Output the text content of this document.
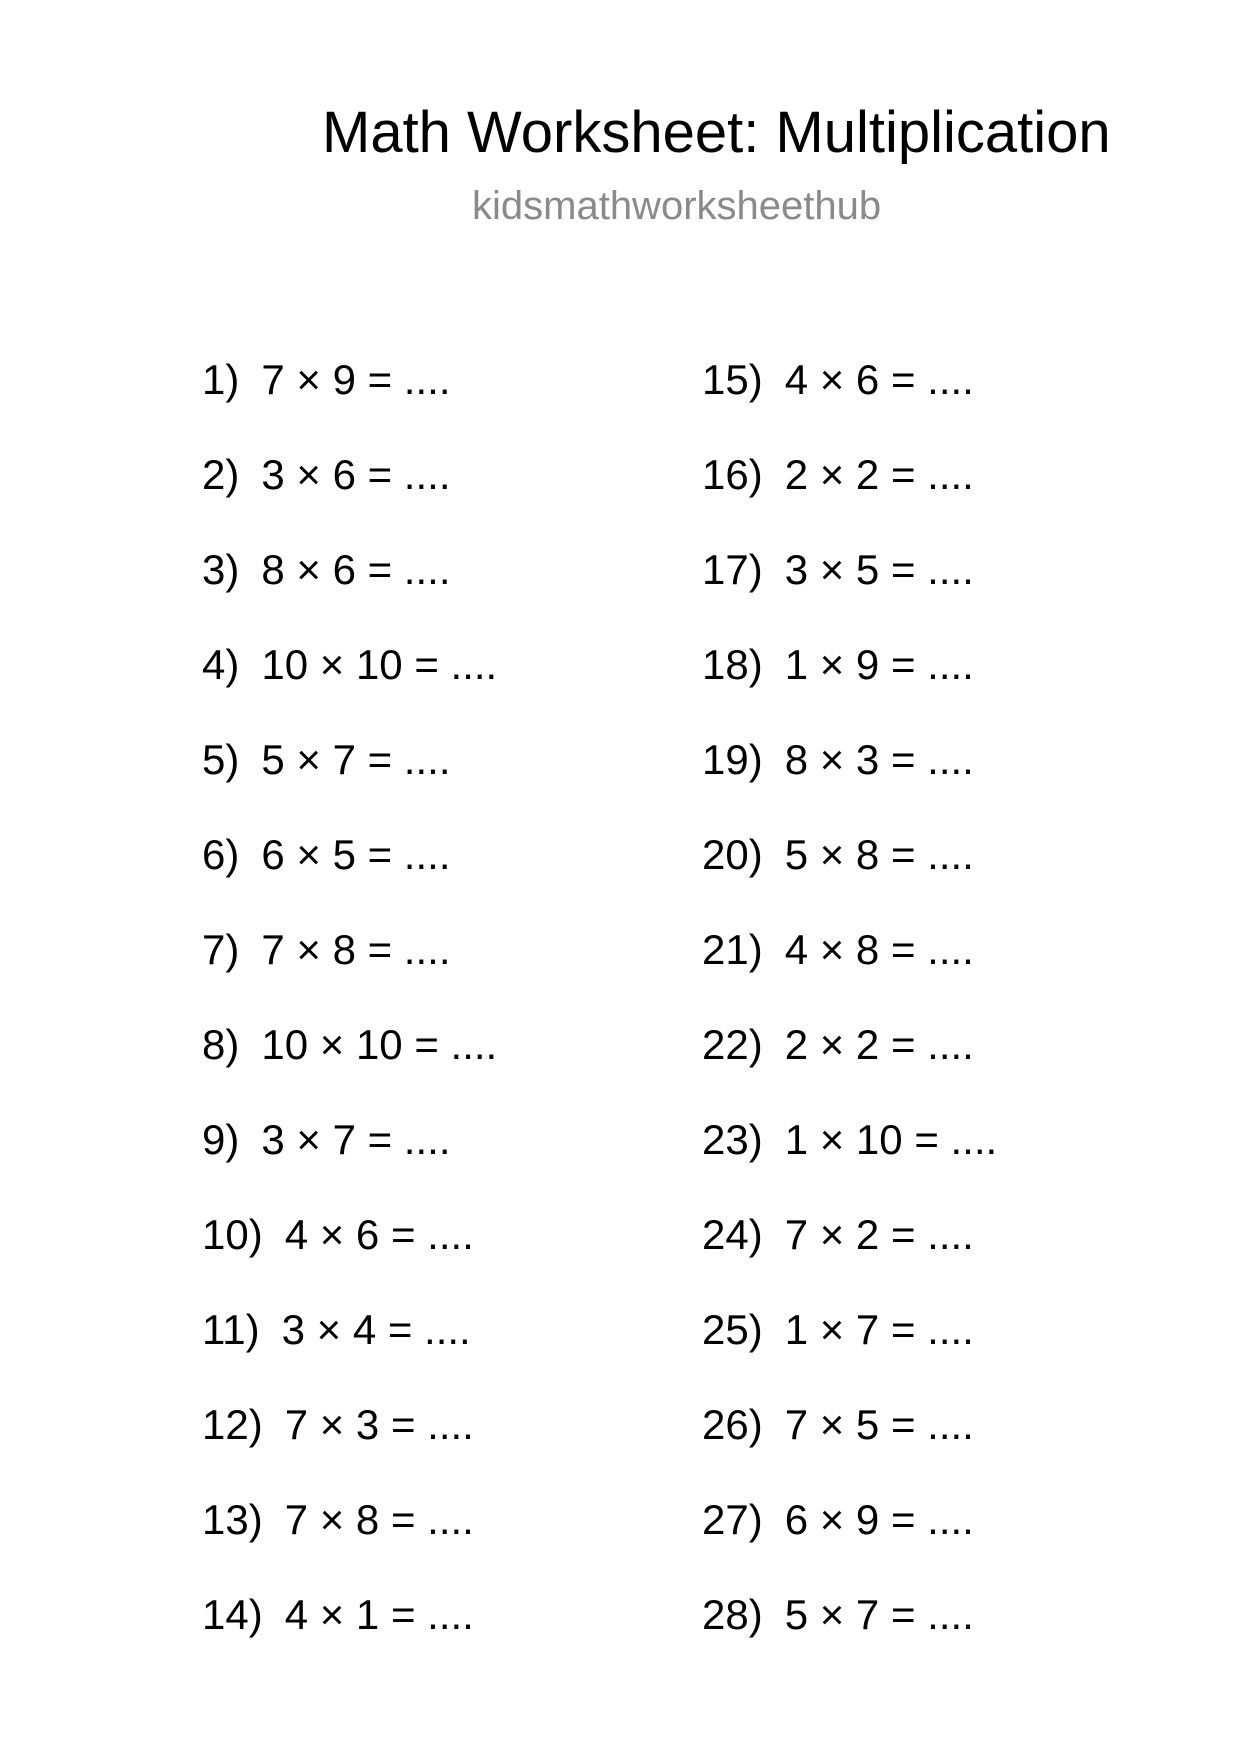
Math Worksheet: Multiplication
kidsmathworksheethub
1) 7 × 9 = ....
2) 3 × 6 = ....
3) 8 × 6 = ....
4) 10 × 10 = ....
5) 5 × 7 = ....
6) 6 × 5 = ....
7) 7 × 8 = ....
8) 10 × 10 = ....
9) 3 × 7 = ....
10) 4 × 6 = ....
11) 3 × 4 = ....
12) 7 × 3 = ....
13) 7 × 8 = ....
14) 4 × 1 = ....
15) 4 × 6 = ....
16) 2 × 2 = ....
17) 3 × 5 = ....
18) 1 × 9 = ....
19) 8 × 3 = ....
20) 5 × 8 = ....
21) 4 × 8 = ....
22) 2 × 2 = ....
23) 1 × 10 = ....
24) 7 × 2 = ....
25) 1 × 7 = ....
26) 7 × 5 = ....
27) 6 × 9 = ....
28) 5 × 7 = ....
